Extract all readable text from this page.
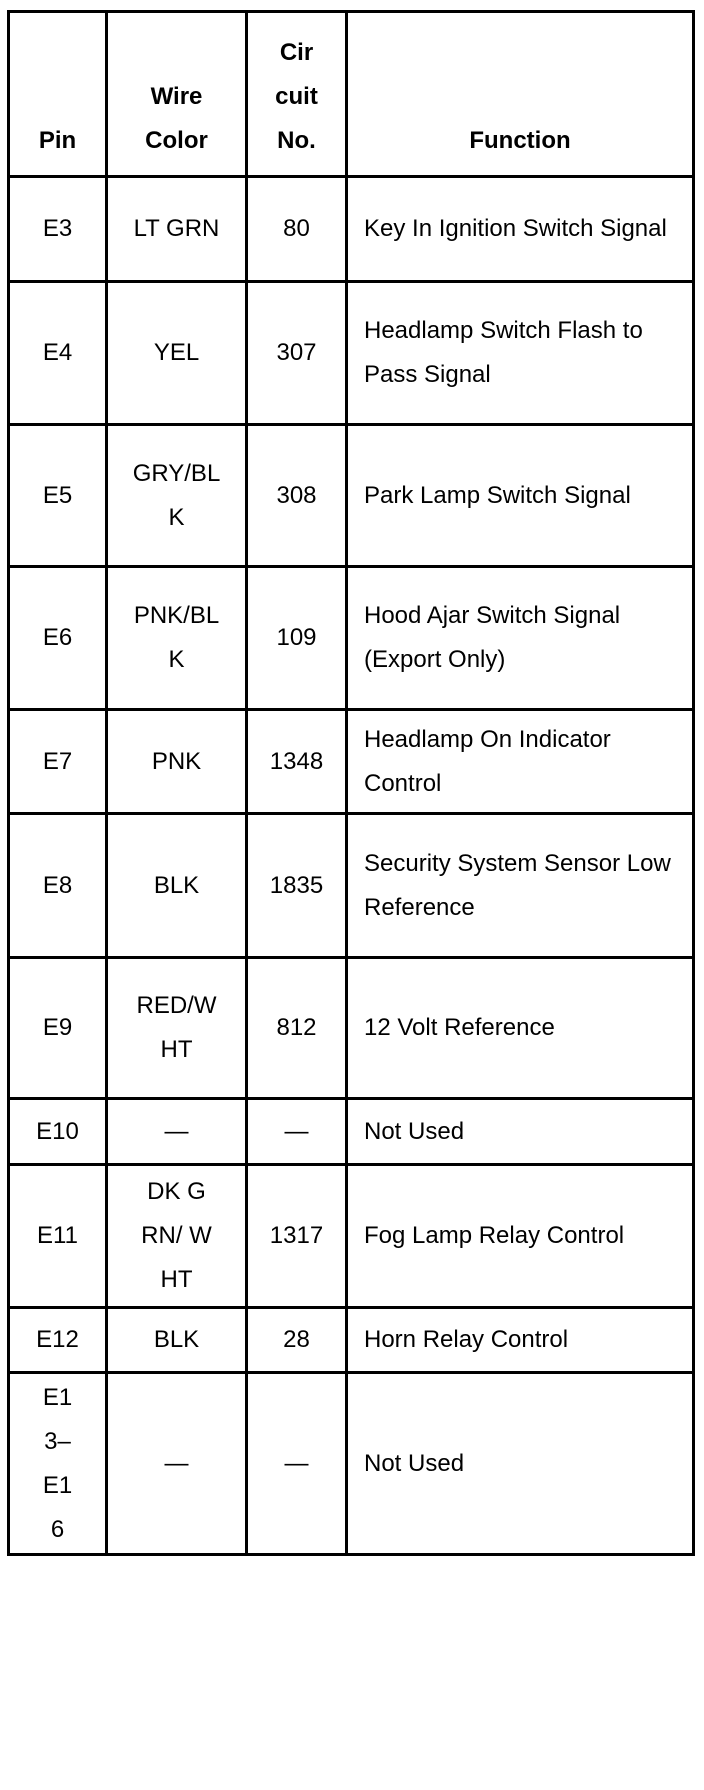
Pin	Wire Color	Cir cuit No.	Function
E3	LT GRN	80	Key In Ignition Switch Signal
E4	YEL	307	Headlamp Switch Flash to Pass Signal
E5	GRY/BLK	308	Park Lamp Switch Signal
E6	PNK/BLK	109	Hood Ajar Switch Signal (Export Only)
E7	PNK	1348	Headlamp On Indicator Control
E8	BLK	1835	Security System Sensor Low Reference
E9	RED/WHT	812	12 Volt Reference
E10	—	—	Not Used
E11	DK GRN/ WHT	1317	Fog Lamp Relay Control
E12	BLK	28	Horn Relay Control
E13–E16	—	—	Not Used
